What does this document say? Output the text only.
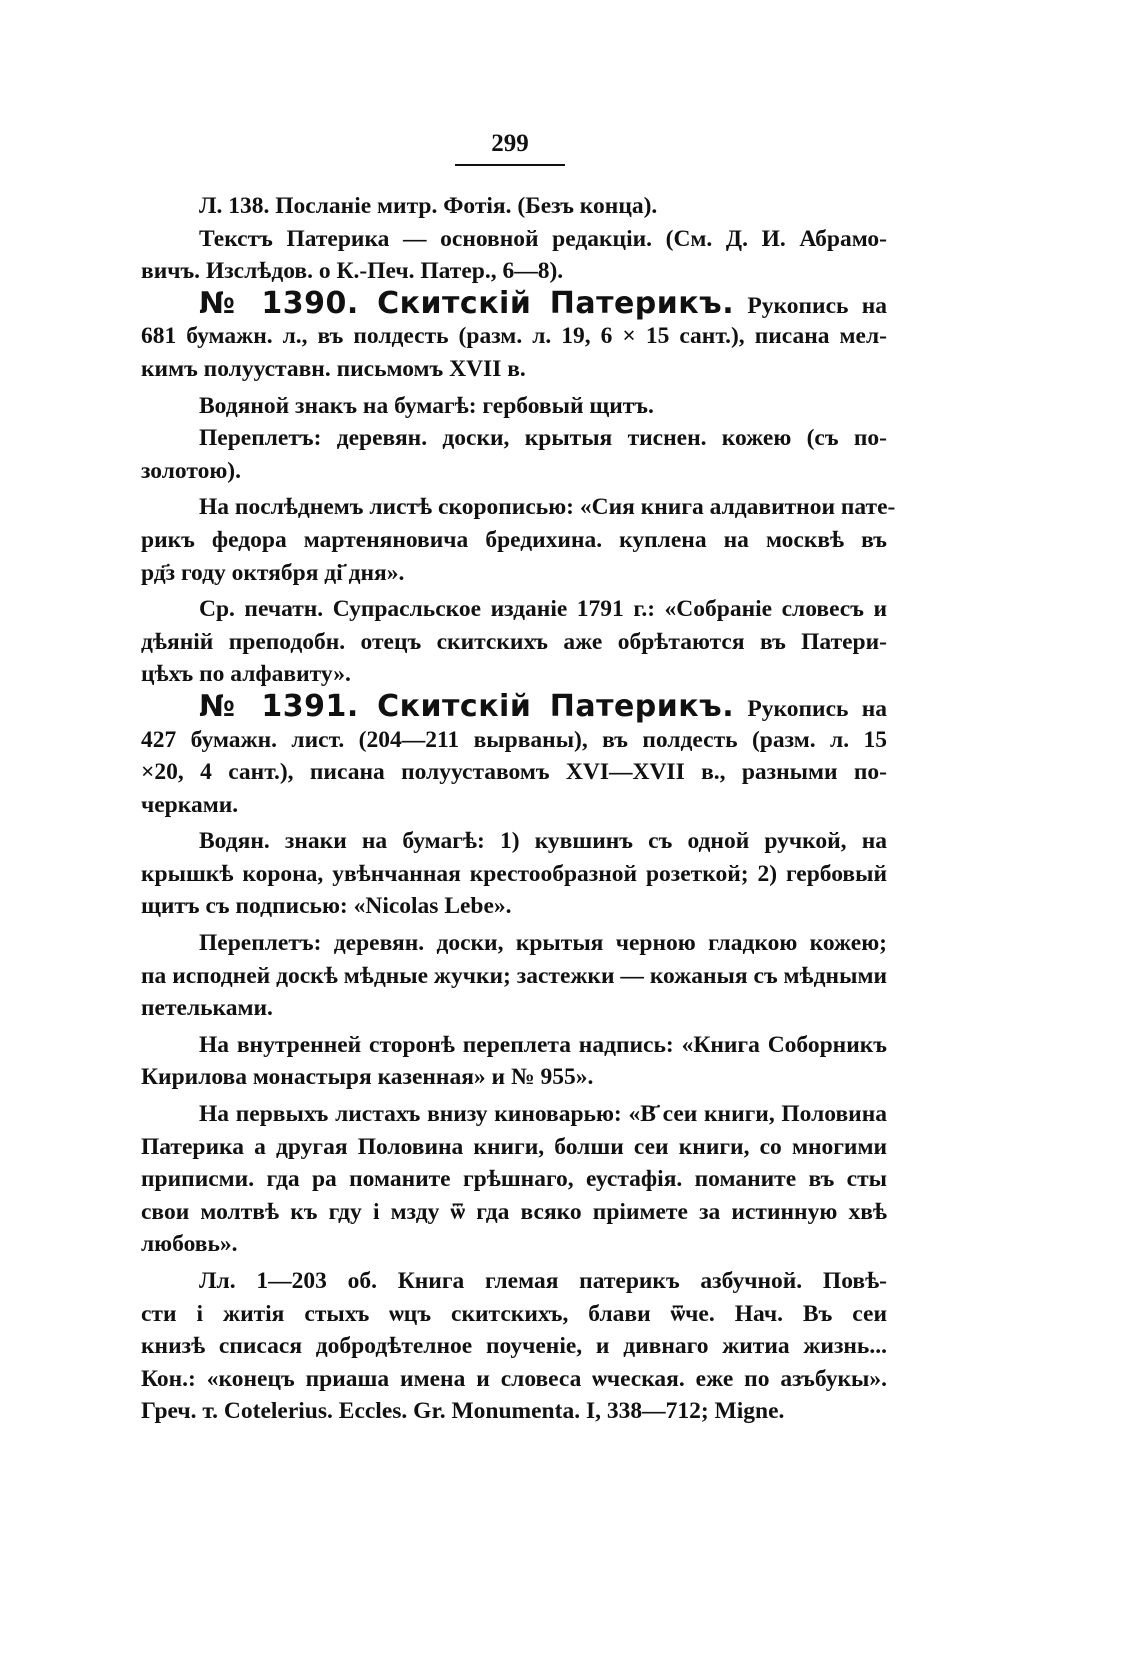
299
Л. 138. Посланіе митр. Фотія. (Безъ конца).
Текстъ Патерика — основной редакціи. (См. Д. И. Абрамо-
вичъ. Изслѣдов. о К.-Печ. Патер., 6—8).
№ 1390. Скитскій Патерикъ. Рукопись на
681 бумажн. л., въ полдесть (разм. л. 19, 6 × 15 сант.), писана мел-
кимъ полууставн. письмомъ XVII в.
Водяной знакъ на бумагѣ: гербовый щитъ.
Переплетъ: деревян. доски, крытыя тиснен. кожею (съ по-
золотою).
На послѣднемъ листѣ скорописью: «Сия книга алдавитнои пате-
рикъ федора мартеняновича бредихина. куплена на москвѣ въ
рд҃з году октября ді҃ дня».
Ср. печатн. Супрасльское изданіе 1791 г.: «Собраніе словесъ и
дѣяній преподобн. отецъ скитскихъ аже обрѣтаются въ Патери-
цѣхъ по алфавиту».
№ 1391. Скитскій Патерикъ. Рукопись на
427 бумажн. лист. (204—211 вырваны), въ полдесть (разм. л. 15
×20, 4 сант.), писана полууставомъ XVI—XVII в., разными по-
черками.
Водян. знаки на бумагѣ: 1) кувшинъ съ одной ручкой, на
крышкѣ корона, увѣнчанная крестообразной розеткой; 2) гербовый
щитъ съ подписью: «Nicolas Lebe».
Переплетъ: деревян. доски, крытыя черною гладкою кожею;
па исподней доскѣ мѣдные жучки; застежки — кожаныя съ мѣдными
петельками.
На внутренней сторонѣ переплета надпись: «Книга Соборникъ
Кирилова монастыря казенная» и № 955».
На первыхъ листахъ внизу киноварью: «В҃ сеи книги, Половина
Патерика а другая Половина книги, болши сеи книги, со многими
приписми. гда ра поманите грѣшнаго, еустафія. поманите въ сты
свои молтвѣ къ гду і мзду ѿ гда всяко пріимете за истинную хвѣ
любовь».
Лл. 1—203 об. Книга глемая патерикъ азбучной. Повѣ-
сти і житія стыхъ ѡцъ скитскихъ, блави ѿче. Нач. Въ сеи
книзѣ списася добродѣтелное поученіе, и дивнаго житиа жизнь...
Кон.: «конецъ приаша имена и словеса ѡческая. еже по азъбукы».
Греч. т. Cotelerius. Eccles. Gr. Monumenta. I, 338—712; Migne.
